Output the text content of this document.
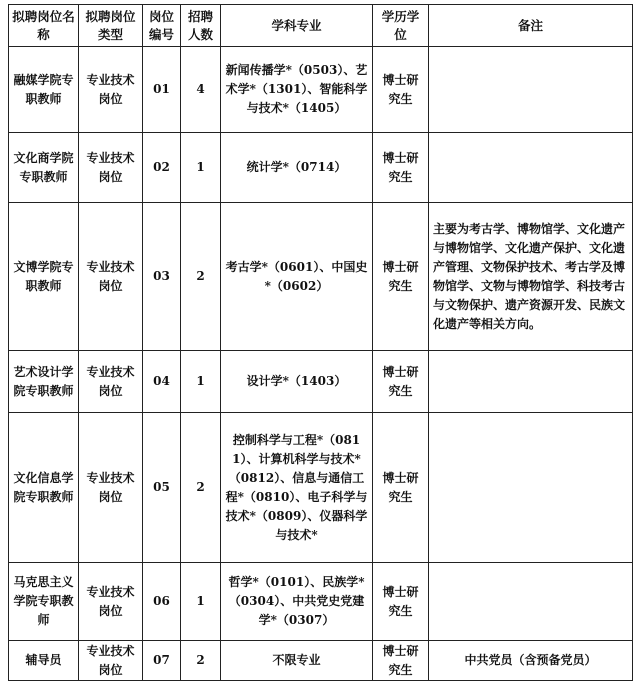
拟聘岗位名称	拟聘岗位类型	岗位编号	招聘人数	学科专业	学历学位	备注
融媒学院专职教师	专业技术岗位	01	4	新闻传播学*（0503）、艺术学*（1301）、智能科学与技术*（1405）	博士研究生	
文化商学院专职教师	专业技术岗位	02	1	统计学*（0714）	博士研究生	
文博学院专职教师	专业技术岗位	03	2	考古学*（0601）、中国史*（0602）	博士研究生	主要为考古学、博物馆学、文化遗产与博物馆学、文化遗产保护、文化遗产管理、文物保护技术、考古学及博物馆学、文物与博物馆学、科技考古与文物保护、遗产资源开发、民族文化遗产等相关方向。
艺术设计学院专职教师	专业技术岗位	04	1	设计学*（1403）	博士研究生	
文化信息学院专职教师	专业技术岗位	05	2	控制科学与工程*（0811）、计算机科学与技术*（0812）、信息与通信工程*（0810）、电子科学与技术*（0809）、仪器科学与技术*	博士研究生	
马克思主义学院专职教师	专业技术岗位	06	1	哲学*（0101）、民族学*（0304）、中共党史党建学*（0307）	博士研究生	
辅导员	专业技术岗位	07	2	不限专业	博士研究生	中共党员（含预备党员）
